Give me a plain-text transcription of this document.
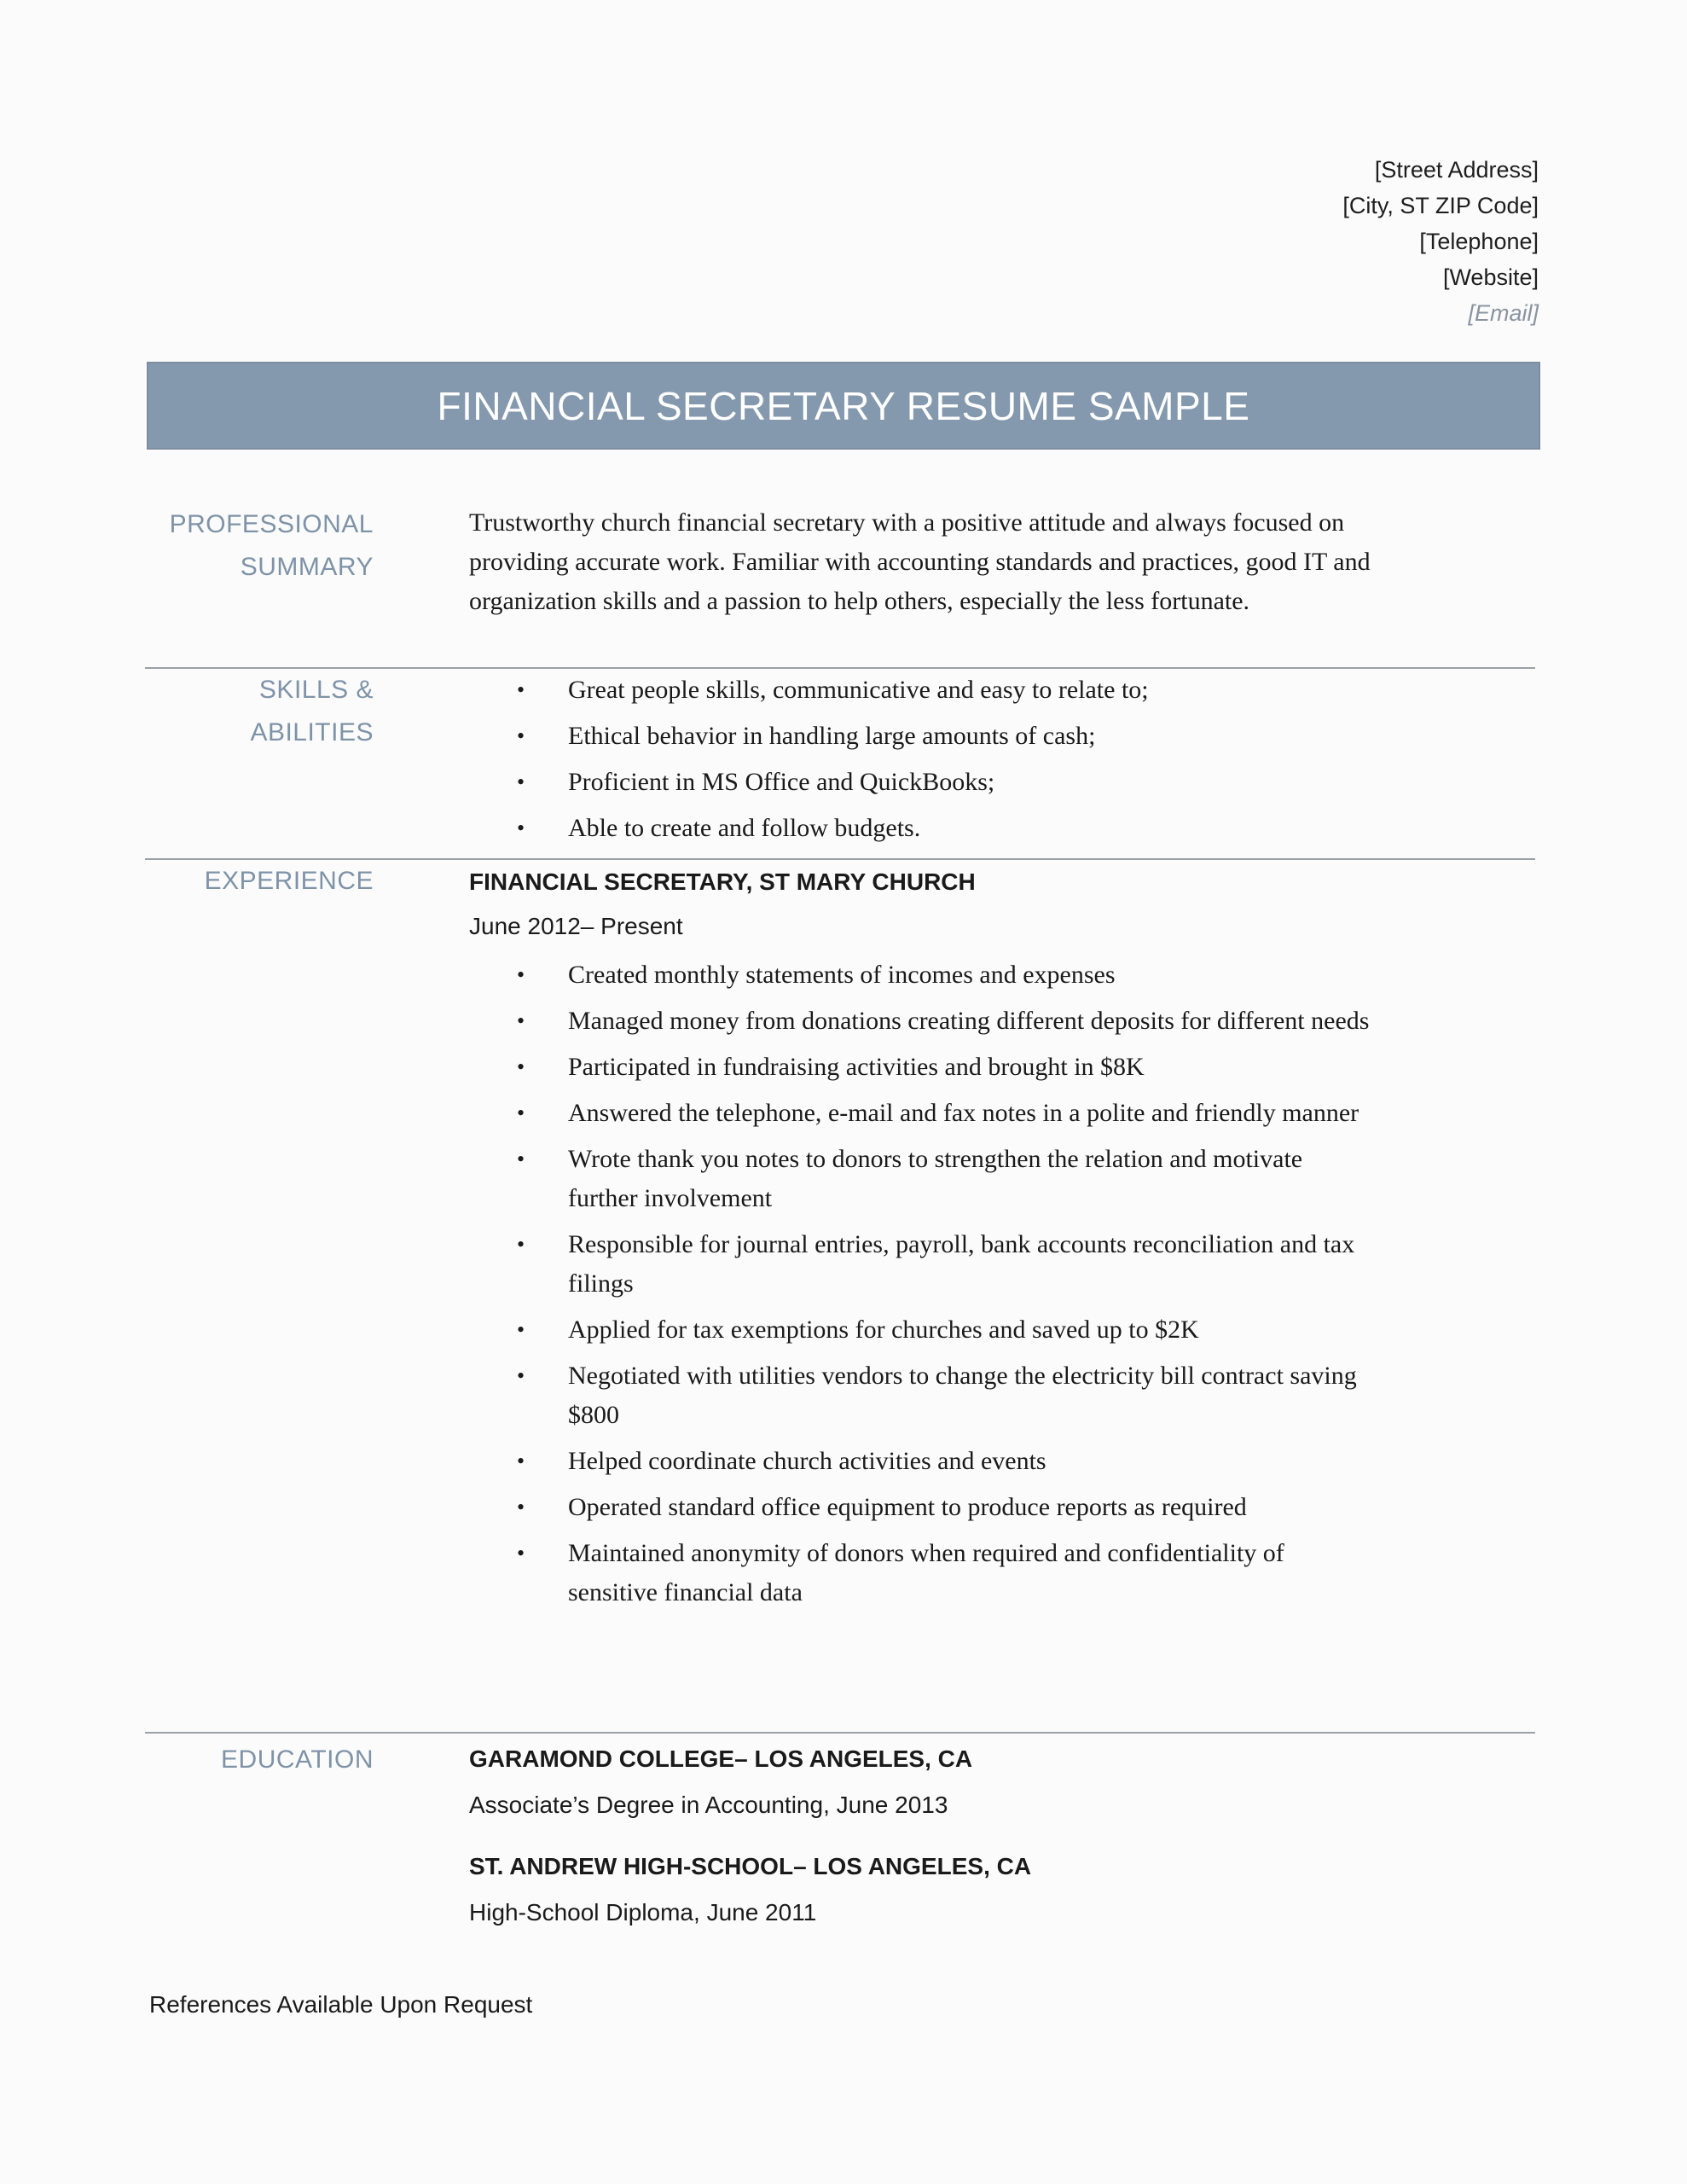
[Street Address]
[City, ST ZIP Code]
[Telephone]
[Website]
[Email]
FINANCIAL SECRETARY RESUME SAMPLE
PROFESSIONAL
SUMMARY

Trustworthy church financial secretary with a positive attitude and always focused on providing accurate work. Familiar with accounting standards and practices, good IT and organization skills and a passion to help others, especially the less fortunate.

SKILLS & ABILITIES
• Great people skills, communicative and easy to relate to;
• Ethical behavior in handling large amounts of cash;
• Proficient in MS Office and QuickBooks;
• Able to create and follow budgets.
EXPERIENCE	FINANCIAL SECRETARY, ST MARY CHURCH

June 2012– Present

• Created monthly statements of incomes and expenses
• Managed money from donations creating different deposits for different needs
• Participated in fundraising activities and brought in $8K
• Answered the telephone, e-mail and fax notes in a polite and friendly manner
• Wrote thank you notes to donors to strengthen the relation and motivate further involvement
• Responsible for journal entries, payroll, bank accounts reconciliation and tax filings
• Applied for tax exemptions for churches and saved up to $2K
• Negotiated with utilities vendors to change the electricity bill contract saving $800
• Helped coordinate church activities and events
• Operated standard office equipment to produce reports as required
• Maintained anonymity of donors when required and confidentiality of sensitive financial data
EDUCATION	GARAMOND COLLEGE– LOS ANGELES, CA

Associate’s Degree in Accounting, June 2013

ST. ANDREW HIGH-SCHOOL– LOS ANGELES, CA

High-School Diploma, June 2011

References Available Upon Request
